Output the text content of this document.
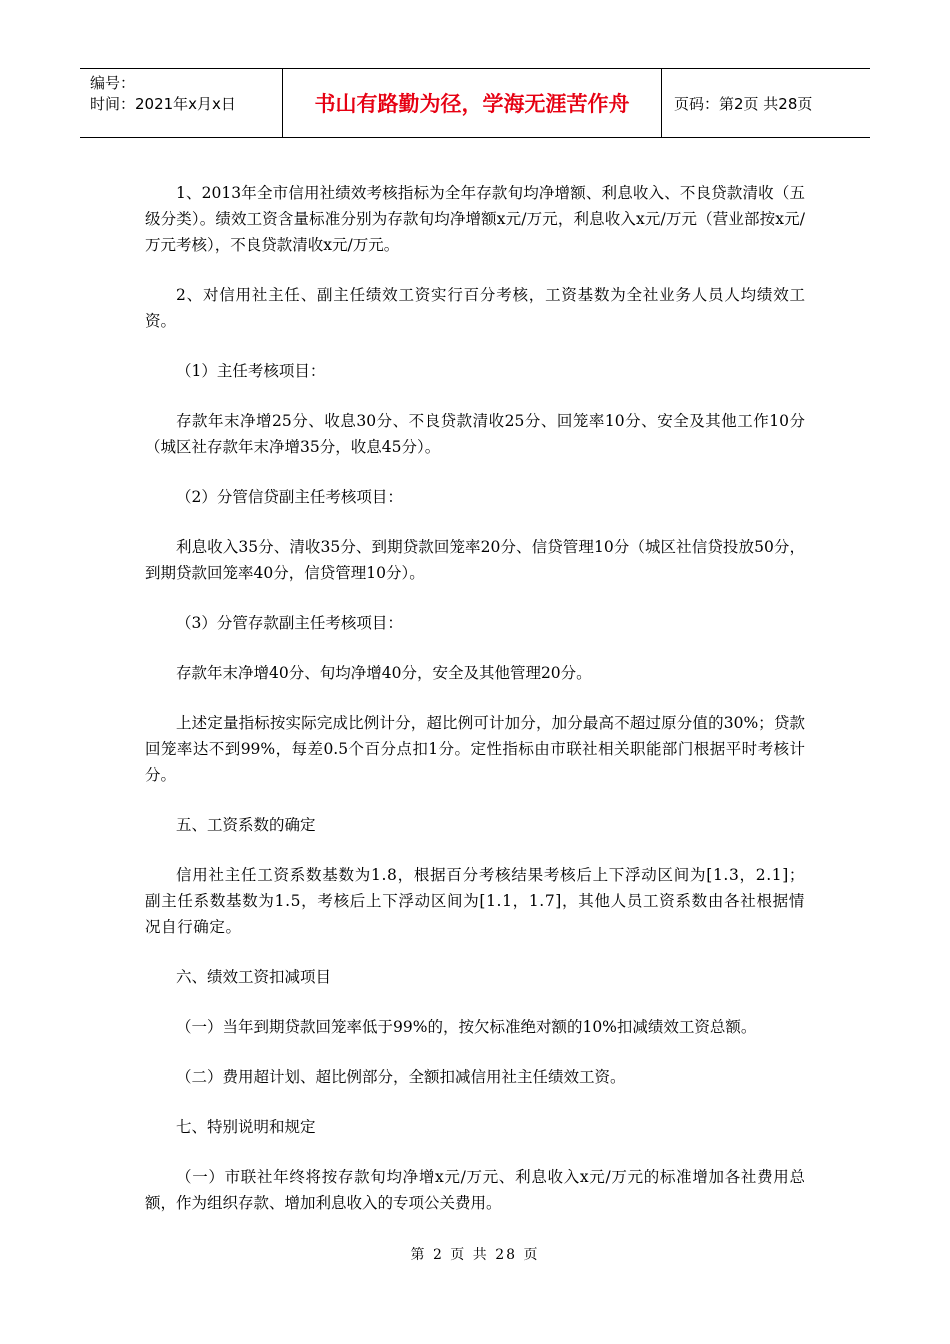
编号：
时间：2021年x月x日	书山有路勤为径，学海无涯苦作舟	页码：第2页 共28页

1、2013年全市信用社绩效考核指标为全年存款旬均净增额、利息收入、不良贷款清收（五级分类）。绩效工资含量标准分别为存款旬均净增额x元/万元，利息收入x元/万元（营业部按x元/万元考核），不良贷款清收x元/万元。

2、对信用社主任、副主任绩效工资实行百分考核，工资基数为全社业务人员人均绩效工资。

（1）主任考核项目：

存款年末净增25分、收息30分、不良贷款清收25分、回笼率10分、安全及其他工作10分（城区社存款年末净增35分，收息45分）。

（2）分管信贷副主任考核项目：

利息收入35分、清收35分、到期贷款回笼率20分、信贷管理10分（城区社信贷投放50分，到期贷款回笼率40分，信贷管理10分）。

（3）分管存款副主任考核项目：

存款年末净增40分、旬均净增40分，安全及其他管理20分。

上述定量指标按实际完成比例计分，超比例可计加分，加分最高不超过原分值的30%；贷款回笼率达不到99%，每差0.5个百分点扣1分。定性指标由市联社相关职能部门根据平时考核计分。

五、工资系数的确定

信用社主任工资系数基数为1.8，根据百分考核结果考核后上下浮动区间为[1.3，2.1]；副主任系数基数为1.5，考核后上下浮动区间为[1.1，1.7]，其他人员工资系数由各社根据情况自行确定。

六、绩效工资扣减项目

（一）当年到期贷款回笼率低于99%的，按欠标准绝对额的10%扣减绩效工资总额。

（二）费用超计划、超比例部分，全额扣减信用社主任绩效工资。

七、特别说明和规定

（一）市联社年终将按存款旬均净增x元/万元、利息收入x元/万元的标准增加各社费用总额，作为组织存款、增加利息收入的专项公关费用。

第 2 页 共 28 页
